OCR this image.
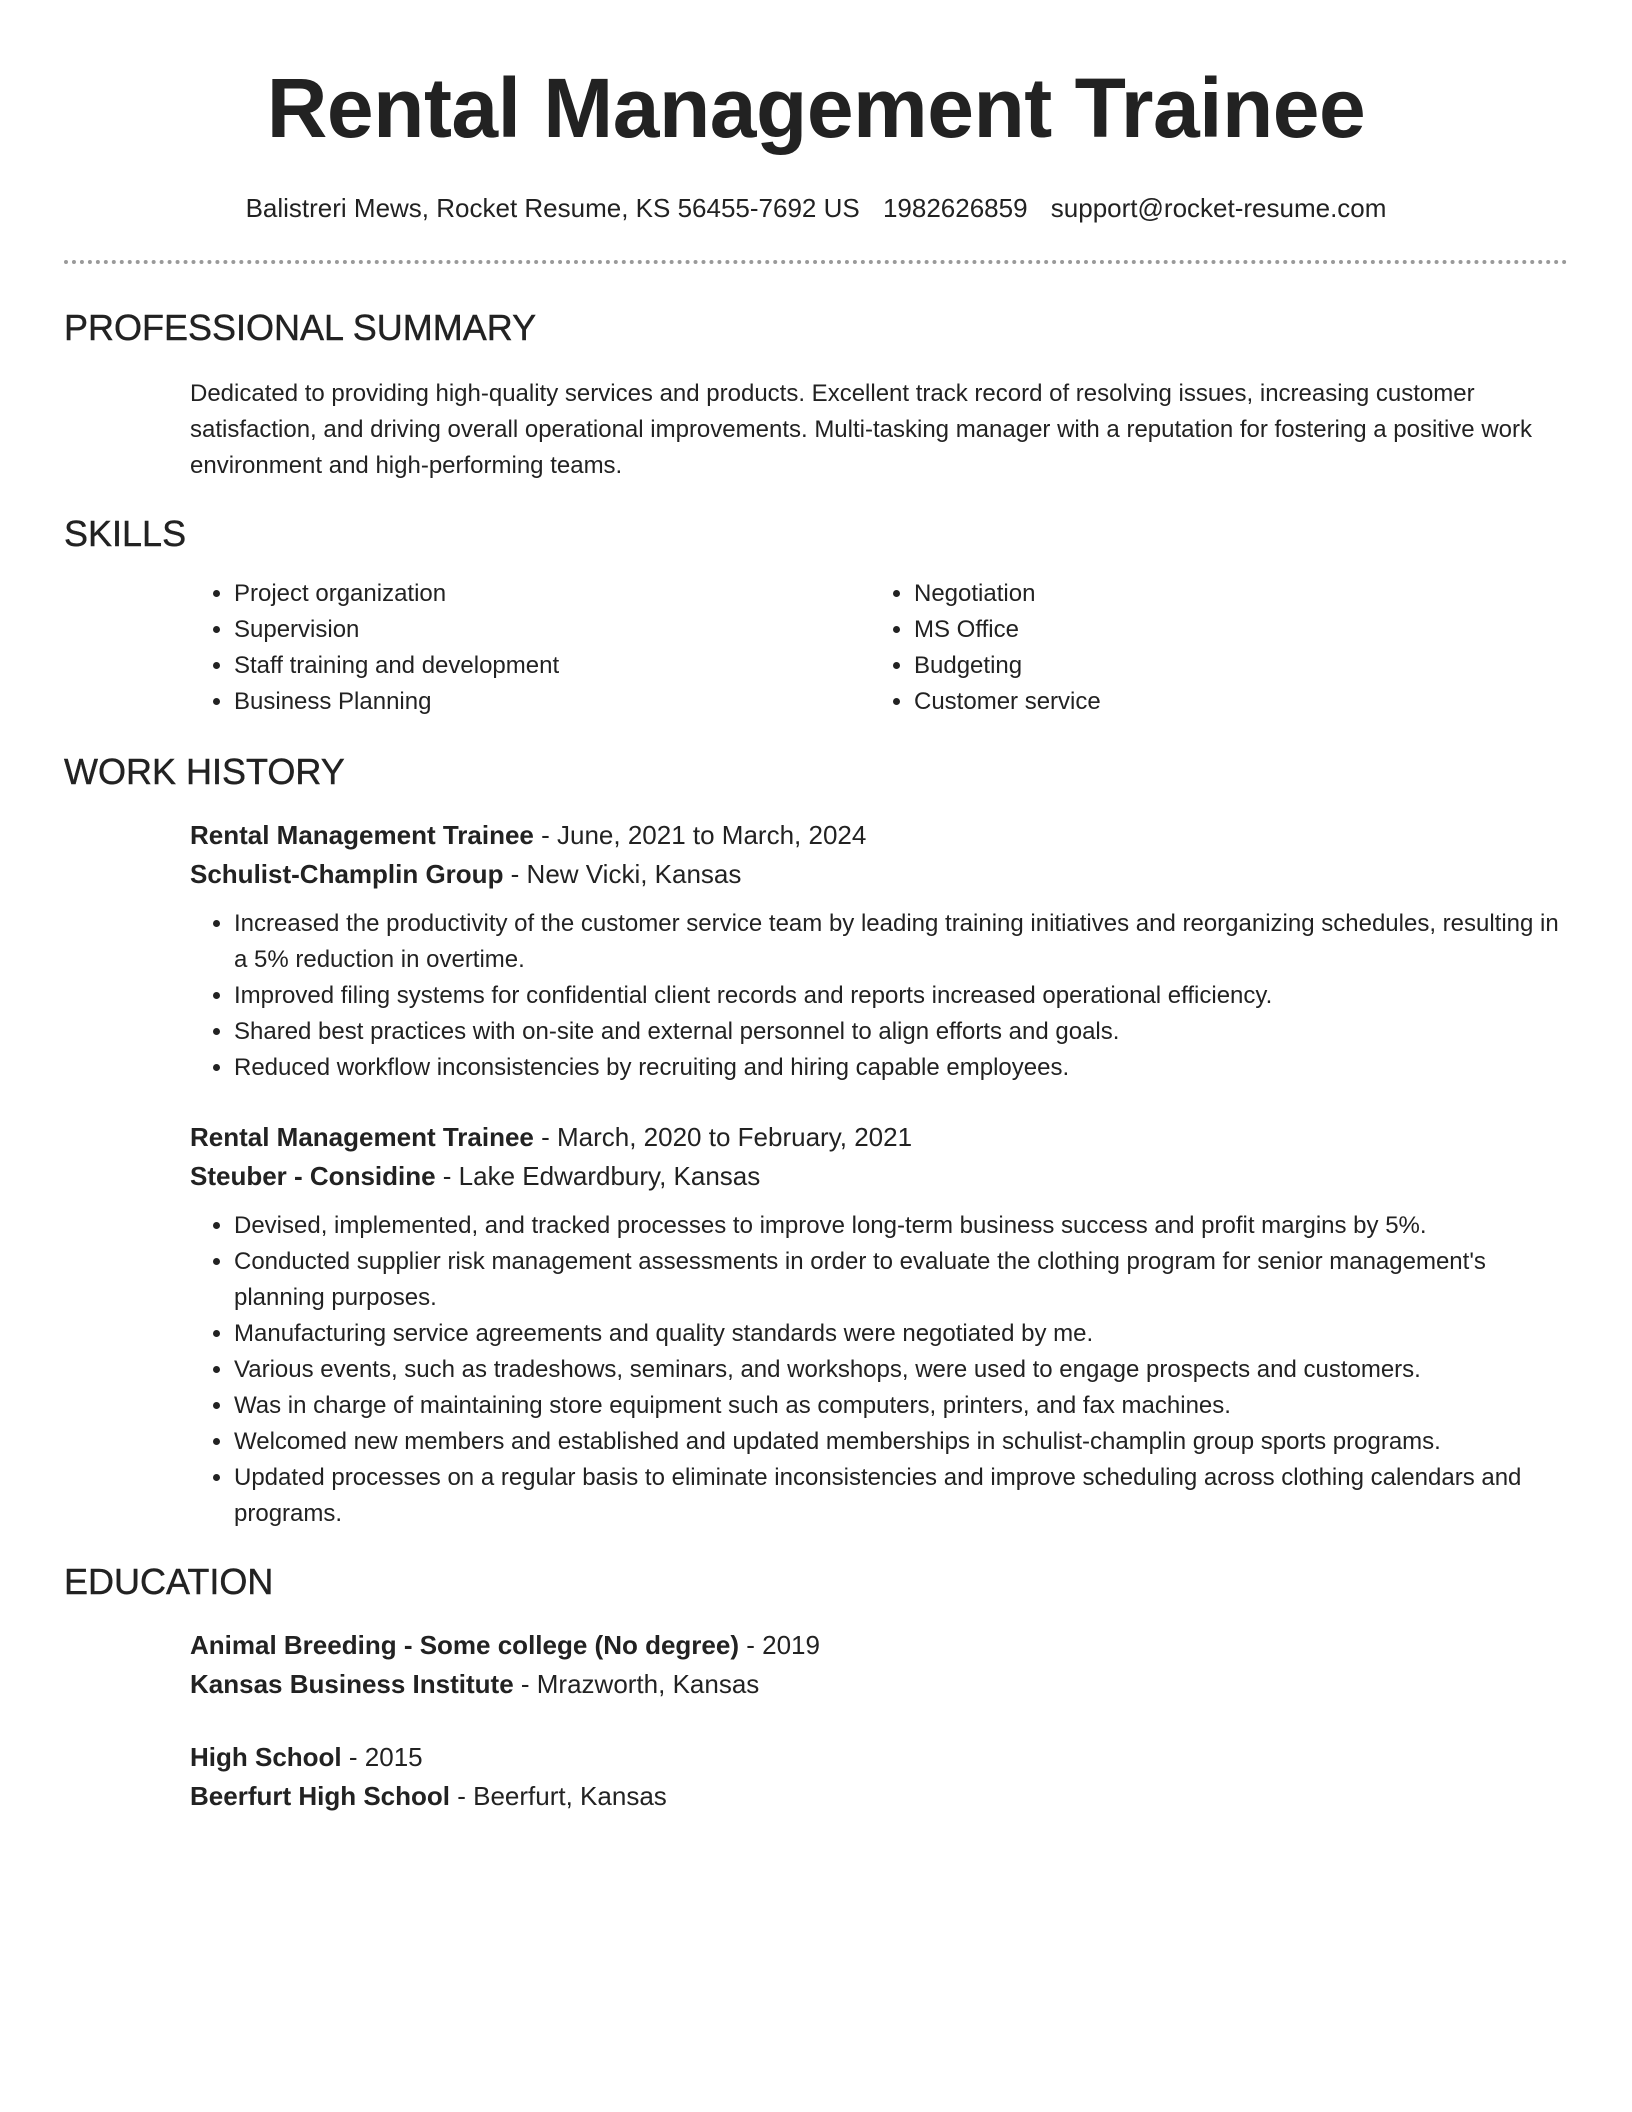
Rental Management Trainee
Balistreri Mews, Rocket Resume, KS 56455-7692 US 1982626859 support@rocket-resume.com
PROFESSIONAL SUMMARY

Dedicated to providing high-quality services and products. Excellent track record of resolving issues, increasing customer satisfaction, and driving overall operational improvements. Multi-tasking manager with a reputation for fostering a positive work environment and high-performing teams.

SKILLS
• Project organization
• Supervision
• Staff training and development
• Business Planning
• Negotiation
• MS Office
• Budgeting
• Customer service
WORK HISTORY
Rental Management Trainee - June, 2021 to March, 2024
Schulist-Champlin Group - New Vicki, Kansas
• Increased the productivity of the customer service team by leading training initiatives and reorganizing schedules, resulting in a 5% reduction in overtime.
• Improved filing systems for confidential client records and reports increased operational efficiency.
• Shared best practices with on-site and external personnel to align efforts and goals.
• Reduced workflow inconsistencies by recruiting and hiring capable employees.
Rental Management Trainee - March, 2020 to February, 2021
Steuber - Considine - Lake Edwardbury, Kansas
• Devised, implemented, and tracked processes to improve long-term business success and profit margins by 5%.
• Conducted supplier risk management assessments in order to evaluate the clothing program for senior management's planning purposes.
• Manufacturing service agreements and quality standards were negotiated by me.
• Various events, such as tradeshows, seminars, and workshops, were used to engage prospects and customers.
• Was in charge of maintaining store equipment such as computers, printers, and fax machines.
• Welcomed new members and established and updated memberships in schulist-champlin group sports programs.
• Updated processes on a regular basis to eliminate inconsistencies and improve scheduling across clothing calendars and programs.
EDUCATION
Animal Breeding - Some college (No degree) - 2019
Kansas Business Institute - Mrazworth, Kansas
High School - 2015
Beerfurt High School - Beerfurt, Kansas
